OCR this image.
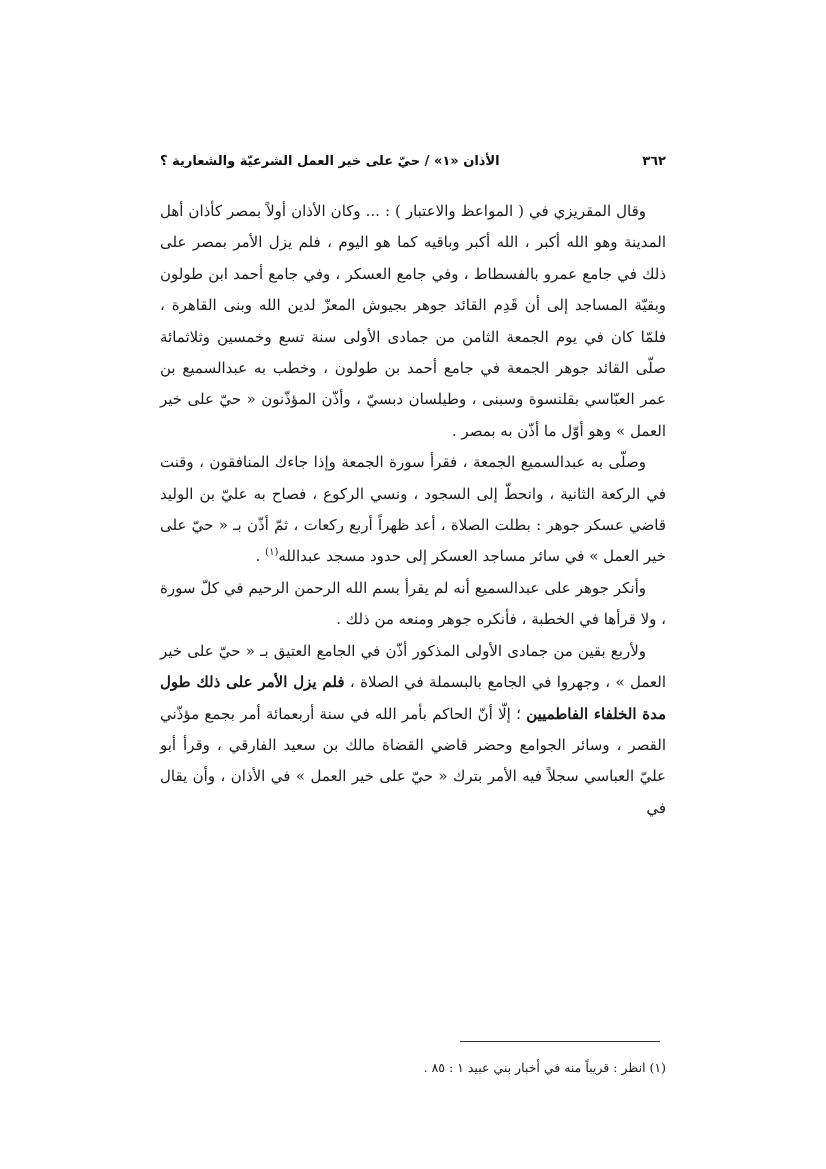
٣٦٢
الأذان «١» / حيّ على خير العمل الشرعيّة والشعارية ؟

وقال المقريزي في ( المواعظ والاعتبار ) : ... وكان الأذان أولاً بمصر كأذان أهل المدينة وهو الله أكبر ، الله أكبر وباقيه كما هو اليوم ، فلم يزل الأمر بمصر على ذلك في جامع عمرو بالفسطاط ، وفي جامع العسكر ، وفي جامع أحمد ابن طولون وبقيّة المساجد إلى أن قَدِم القائد جوهر بجيوش المعزّ لدين الله وبنى القاهرة ، فلمّا كان في يوم الجمعة الثامن من جمادى الأولى سنة تسع وخمسين وثلاثمائة صلّى القائد جوهر الجمعة في جامع أحمد بن طولون ، وخطب به عبدالسميع بن عمر العبّاسي بقلنسوة وسبنى ، وطيلسان دبسيّ ، وأذّن المؤذّنون « حيّ على خير العمل » وهو أوّل ما أذّن به بمصر .

وصلّى به عبدالسميع الجمعة ، فقرأ سورة الجمعة وإذا جاءك المنافقون ، وقنت في الركعة الثانية ، وانحطّ إلى السجود ، ونسي الركوع ، فصاح به عليّ بن الوليد قاضي عسكر جوهر : بطلت الصلاة ، أعد ظهراً أربع ركعات ، ثمّ أذّن بـ « حيّ على خير العمل » في سائر مساجد العسكر إلى حدود مسجد عبدالله$^{(١)}$ .

وأنكر جوهر على عبدالسميع أنه لم يقرأ بسم الله الرحمن الرحيم في كلّ سورة ، ولا قرأها في الخطبة ، فأنكره جوهر ومنعه من ذلك .

ولأربع بقين من جمادى الأولى المذكور أذّن في الجامع العتيق بـ « حيّ على خير العمل » ، وجهروا في الجامع بالبسملة في الصلاة ، فلم يزل الأمر على ذلك طول مدة الخلفاء الفاطميين ؛ إلّا أنّ الحاكم بأمر الله في سنة أربعمائة أمر بجمع مؤذّني القصر ، وسائر الجوامع وحضر قاضي القضاة مالك بن سعيد الفارقي ، وقرأ أبو عليّ العباسي سجلاً فيه الأمر بترك « حيّ على خير العمل » في الأذان ، وأن يقال في

(١) انظر : قريباً منه في أخبار بني عبيد ١ : ٨٥ .
